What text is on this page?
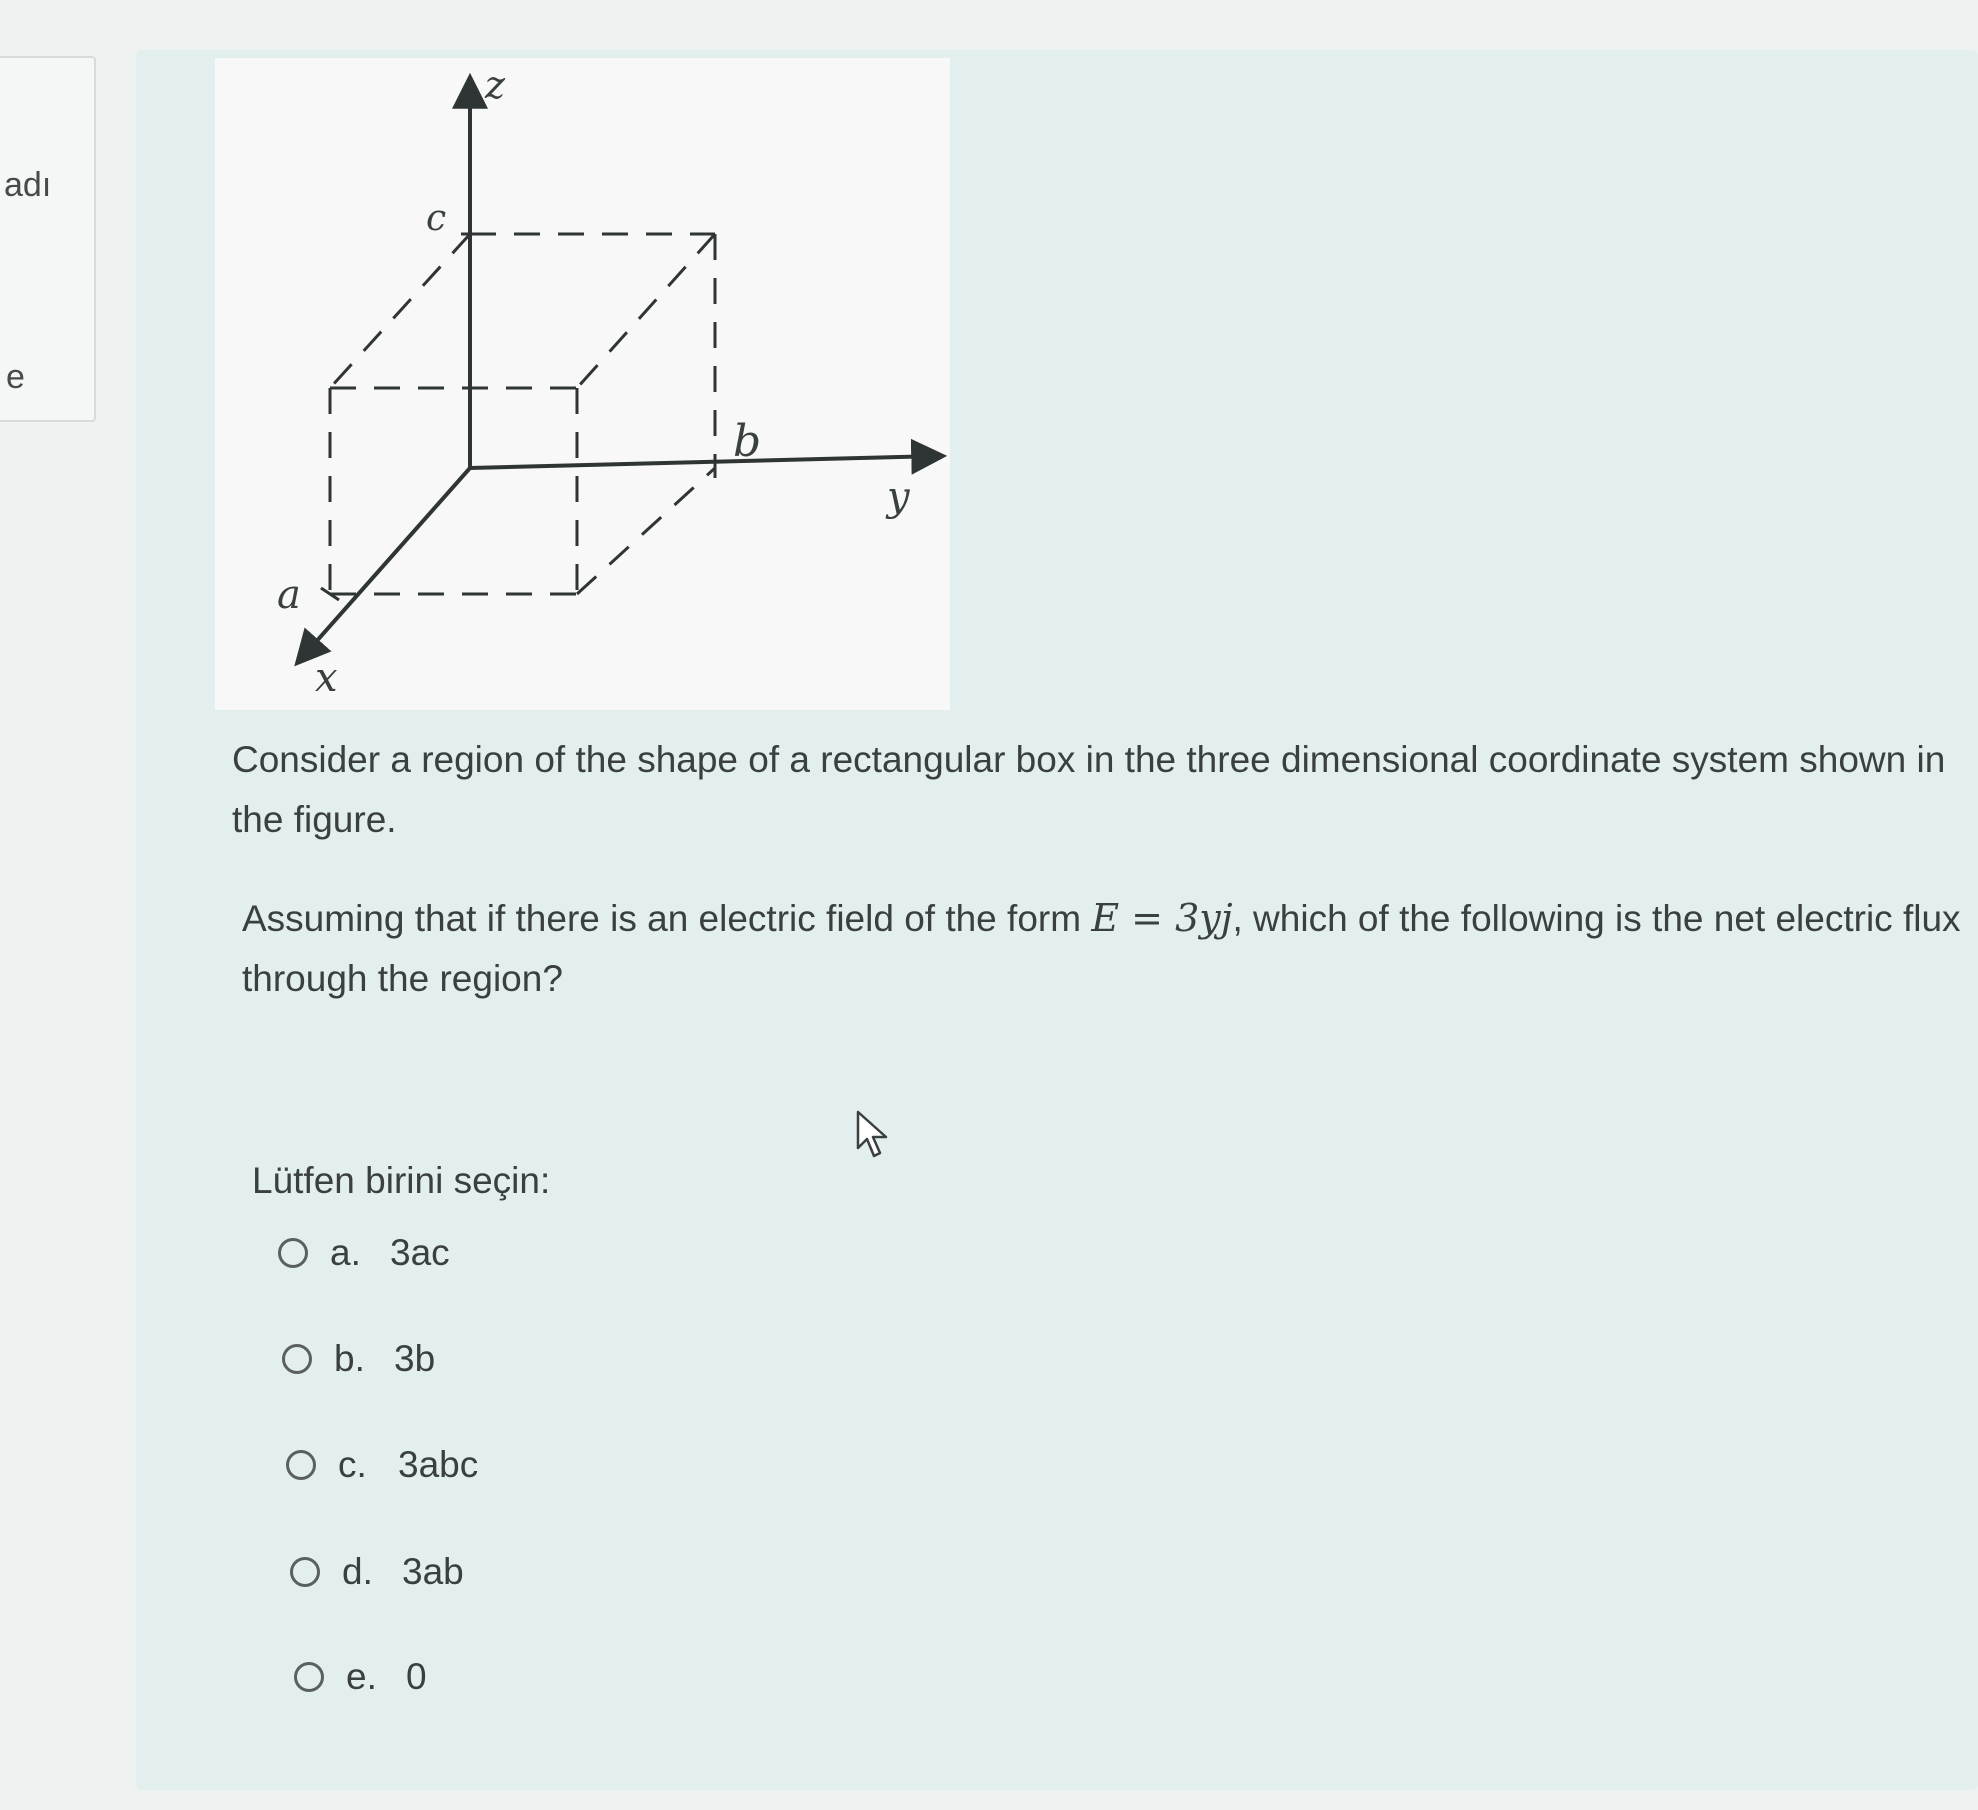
adı
e
z
y
x
c
b
a
Consider a region of the shape of a rectangular box in the three dimensional coordinate system shown in the figure.
Assuming that if there is an electric field of the form E = 3yj, which of the following is the net electric flux through the region?
Lütfen birini seçin:
a. 3ac
b. 3b
c. 3abc
d. 3ab
e. 0
